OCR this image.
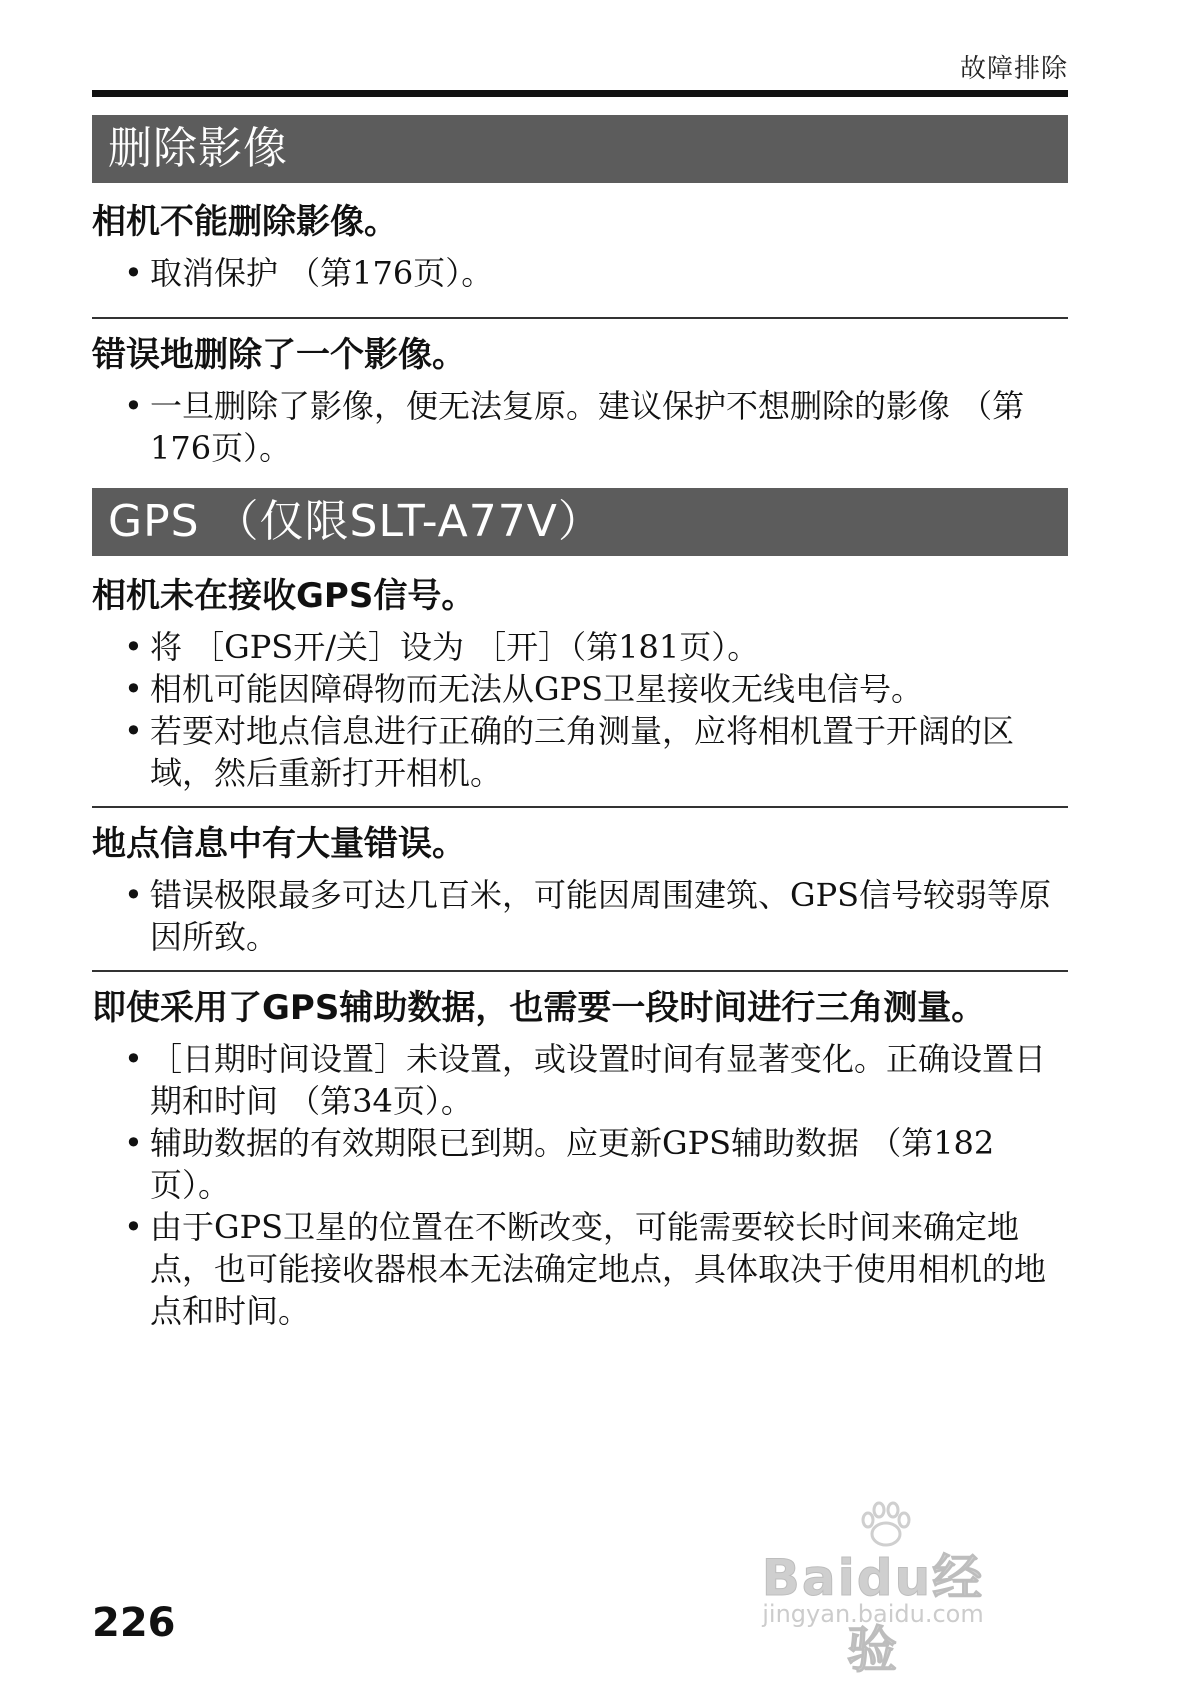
故障排除
删除影像
相机不能删除影像。
• 取消保护 （第176页）。
错误地删除了一个影像。
• 一旦删除了影像，便无法复原。建议保护不想删除的影像 （第176页）。
GPS （仅限SLT-A77V）
相机未在接收GPS信号。
• 将 ［GPS开/关］设为 ［开］（第181页）。
• 相机可能因障碍物而无法从GPS卫星接收无线电信号。
• 若要对地点信息进行正确的三角测量，应将相机置于开阔的区域，然后重新打开相机。
地点信息中有大量错误。
• 错误极限最多可达几百米，可能因周围建筑、GPS信号较弱等原因所致。
即使采用了GPS辅助数据，也需要一段时间进行三角测量。
• ［日期时间设置］未设置，或设置时间有显著变化。正确设置日期和时间 （第34页）。
• 辅助数据的有效期限已到期。应更新GPS辅助数据 （第182页）。
• 由于GPS卫星的位置在不断改变，可能需要较长时间来确定地点，也可能接收器根本无法确定地点，具体取决于使用相机的地点和时间。
226
Baidu经验
jingyan.baidu.com
